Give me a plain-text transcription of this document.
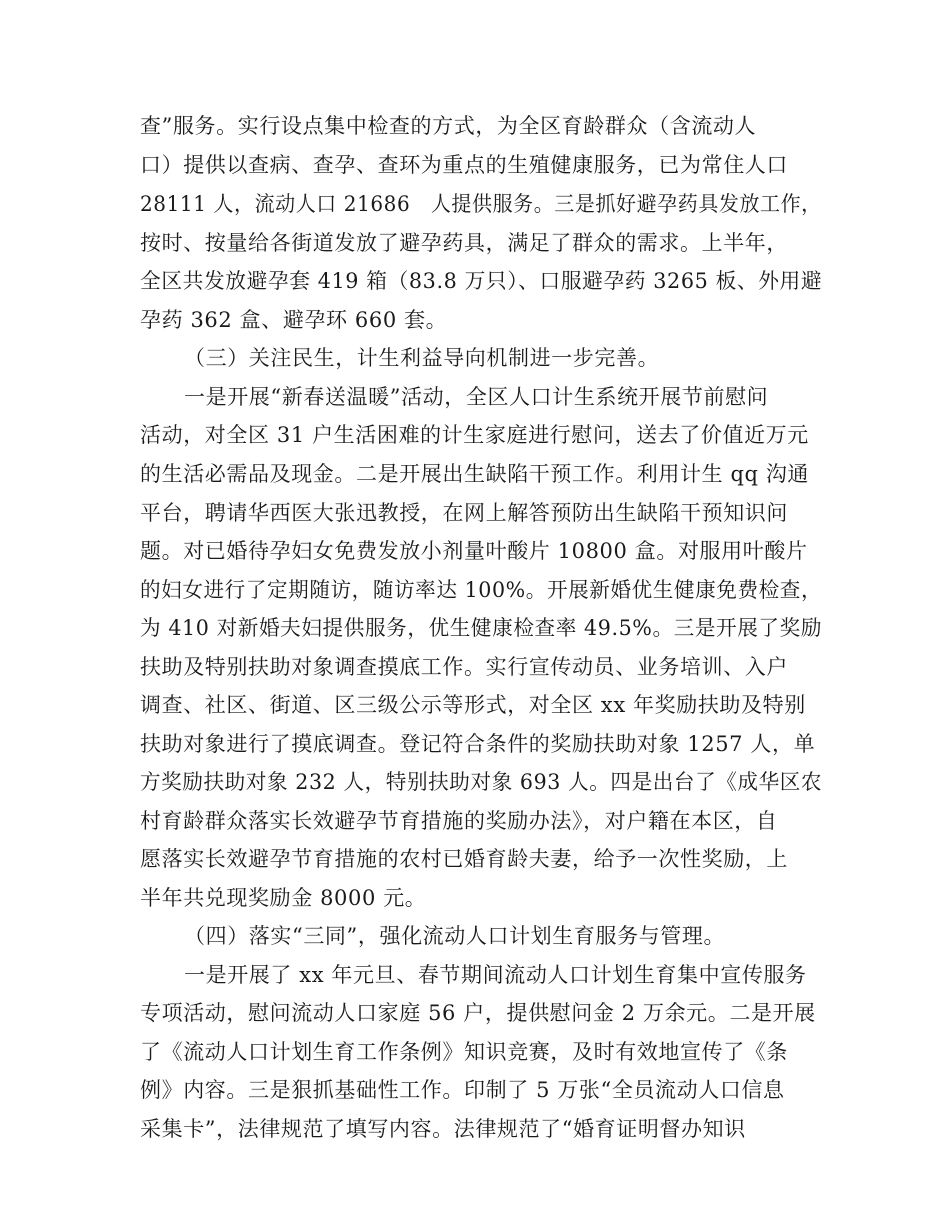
查”服务。实行设点集中检查的方式，为全区育龄群众（含流动人
口）提供以查病、查孕、查环为重点的生殖健康服务，已为常住人口
28111 人，流动人口 21686　人提供服务。三是抓好避孕药具发放工作，
按时、按量给各街道发放了避孕药具，满足了群众的需求。上半年，
全区共发放避孕套 419 箱（83.8 万只）、口服避孕药 3265 板、外用避
孕药 362 盒、避孕环 660 套。
（三）关注民生，计生利益导向机制进一步完善。
一是开展“新春送温暖”活动，全区人口计生系统开展节前慰问
活动，对全区 31 户生活困难的计生家庭进行慰问，送去了价值近万元
的生活必需品及现金。二是开展出生缺陷干预工作。利用计生 qq 沟通
平台，聘请华西医大张迅教授，在网上解答预防出生缺陷干预知识问
题。对已婚待孕妇女免费发放小剂量叶酸片 10800 盒。对服用叶酸片
的妇女进行了定期随访，随访率达 100%。开展新婚优生健康免费检查，
为 410 对新婚夫妇提供服务，优生健康检查率 49.5%。三是开展了奖励
扶助及特别扶助对象调查摸底工作。实行宣传动员、业务培训、入户
调查、社区、街道、区三级公示等形式，对全区 xx 年奖励扶助及特别
扶助对象进行了摸底调查。登记符合条件的奖励扶助对象 1257 人，单
方奖励扶助对象 232 人，特别扶助对象 693 人。四是出台了《成华区农
村育龄群众落实长效避孕节育措施的奖励办法》，对户籍在本区，自
愿落实长效避孕节育措施的农村已婚育龄夫妻，给予一次性奖励，上
半年共兑现奖励金 8000 元。
（四）落实“三同”，强化流动人口计划生育服务与管理。
一是开展了 xx 年元旦、春节期间流动人口计划生育集中宣传服务
专项活动，慰问流动人口家庭 56 户，提供慰问金 2 万余元。二是开展
了《流动人口计划生育工作条例》知识竞赛，及时有效地宣传了《条
例》内容。三是狠抓基础性工作。印制了 5 万张“全员流动人口信息
采集卡”，法律规范了填写内容。法律规范了“婚育证明督办知识
